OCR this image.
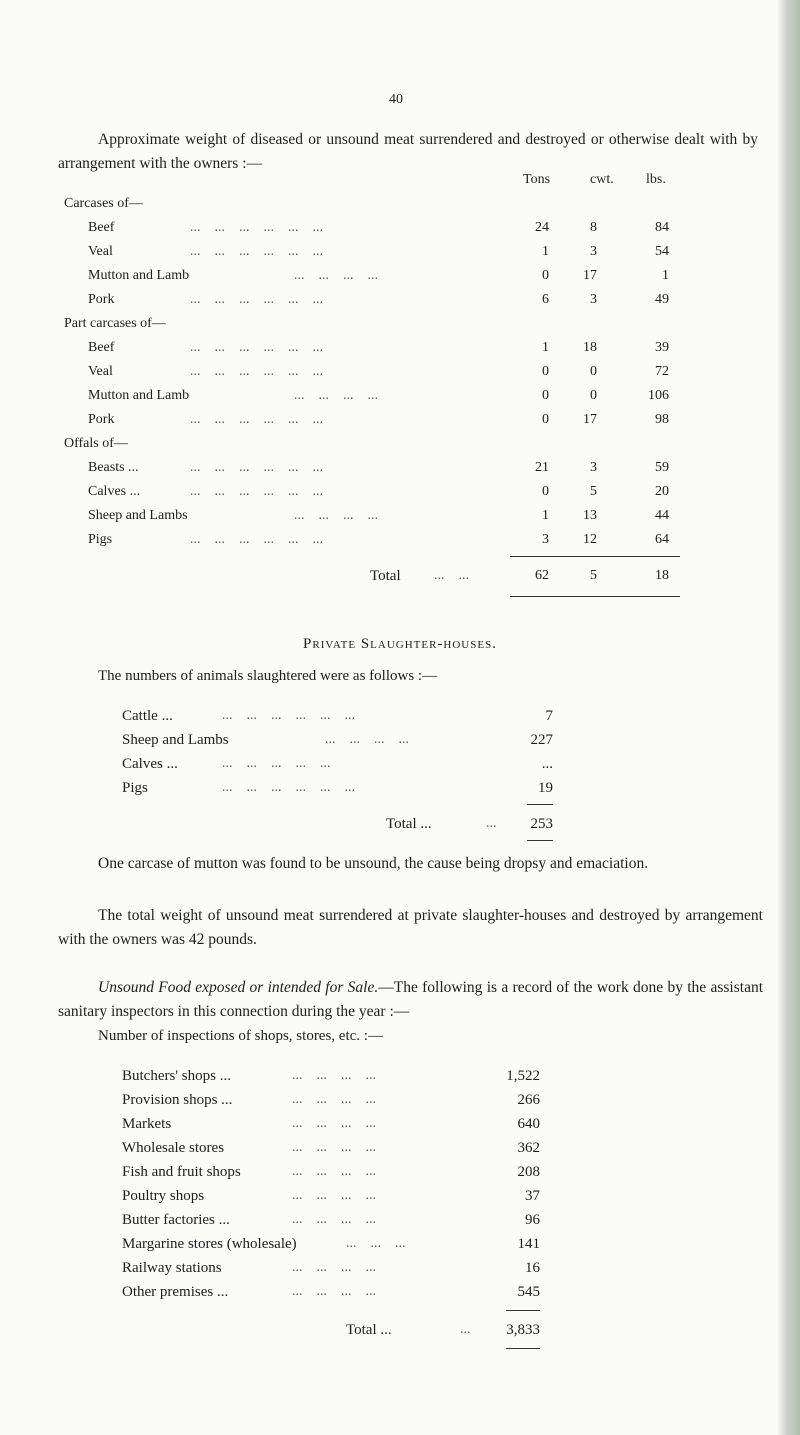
40
Approximate weight of diseased or unsound meat surrendered and destroyed or otherwise dealt with by arrangement with the owners :—
Tons	cwt. lbs.
Carcases of—
Beef	...    ...    ...    ...    ...    ...	24	8	84
Veal	...    ...    ...    ...    ...    ...	1	3	54
Mutton and Lamb	...    ...    ...    ...	0	17	1
Pork	...    ...    ...    ...    ...    ...	6	3	49
Part carcases of—
Beef	...    ...    ...    ...    ...    ...	1	18	39
Veal	...    ...    ...    ...    ...    ...	0	0	72
Mutton and Lamb	...    ...    ...    ...	0	0	106
Pork	...    ...    ...    ...    ...    ...	0	17	98
Offals of—
Beasts ...	...    ...    ...    ...    ...    ...	21	3	59
Calves ...	...    ...    ...    ...    ...    ...	0	5	20
Sheep and Lambs	...    ...    ...    ...	1	13	44
Pigs	...    ...    ...    ...    ...    ...	3	12	64
Total ...    ...	62	5	18
Private Slaughter-houses.
The numbers of animals slaughtered were as follows :—
Cattle ...	...    ...    ...    ...    ...    ...	7
Sheep and Lambs	...    ...    ...    ...	227
Calves ...	...    ...    ...    ...    ...	...
Pigs	...    ...    ...    ...    ...    ...	19
Total ...	...	253
One carcase of mutton was found to be unsound, the cause being dropsy and emaciation.
The total weight of unsound meat surrendered at private slaughter-houses and destroyed by arrangement with the owners was 42 pounds.
Unsound Food exposed or intended for Sale.—The following is a record of the work done by the assistant sanitary inspectors in this connection during the year :—
Number of inspections of shops, stores, etc. :—
Butchers' shops ...	...    ...    ...    ...	1,522
Provision shops ...	...    ...    ...    ...	266
Markets	...    ...    ...    ...	640
Wholesale stores	...    ...    ...    ...	362
Fish and fruit shops	...    ...    ...    ...	208
Poultry shops	...    ...    ...    ...	37
Butter factories ...	...    ...    ...    ...	96
Margarine stores (wholesale)	...    ...    ...	141
Railway stations	...    ...    ...    ...	16
Other premises ...	...    ...    ...    ...	545
Total ...	...	3,833
